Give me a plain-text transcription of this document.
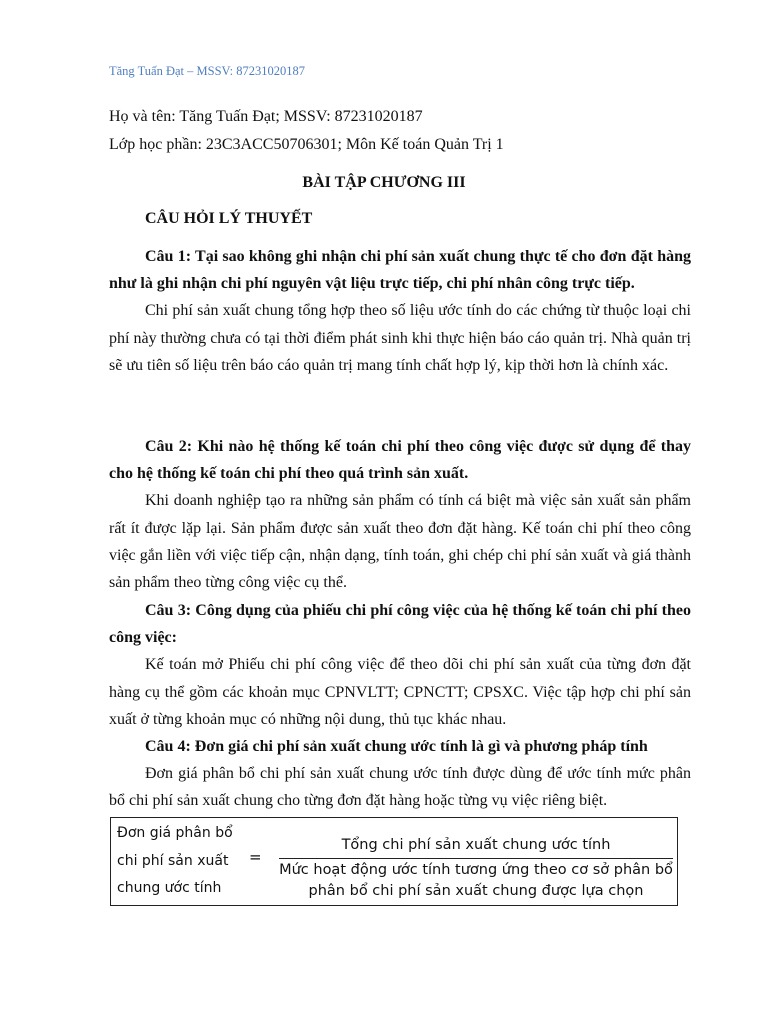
Tăng Tuấn Đạt – MSSV: 87231020187
Họ và tên: Tăng Tuấn Đạt; MSSV: 87231020187
Lớp học phần: 23C3ACC50706301; Môn Kế toán Quản Trị 1
BÀI TẬP CHƯƠNG III
CÂU HỎI LÝ THUYẾT

Câu 1: Tại sao không ghi nhận chi phí sản xuất chung thực tế cho đơn đặt hàng như là ghi nhận chi phí nguyên vật liệu trực tiếp, chi phí nhân công trực tiếp.

Chi phí sản xuất chung tổng hợp theo số liệu ước tính do các chứng từ thuộc loại chi phí này thường chưa có tại thời điểm phát sinh khi thực hiện báo cáo quản trị. Nhà quản trị sẽ ưu tiên số liệu trên báo cáo quản trị mang tính chất hợp lý, kịp thời hơn là chính xác.

Câu 2: Khi nào hệ thống kế toán chi phí theo công việc được sử dụng để thay cho hệ thống kế toán chi phí theo quá trình sản xuất.

Khi doanh nghiệp tạo ra những sản phẩm có tính cá biệt mà việc sản xuất sản phẩm rất ít được lặp lại. Sản phẩm được sản xuất theo đơn đặt hàng. Kế toán chi phí theo công việc gắn liền với việc tiếp cận, nhận dạng, tính toán, ghi chép chi phí sản xuất và giá thành sản phẩm theo từng công việc cụ thể.

Câu 3: Công dụng của phiếu chi phí công việc của hệ thống kế toán chi phí theo công việc:

Kế toán mở Phiếu chi phí công việc để theo dõi chi phí sản xuất của từng đơn đặt hàng cụ thể gồm các khoản mục CPNVLTT; CPNCTT; CPSXC. Việc tập hợp chi phí sản xuất ở từng khoản mục có những nội dung, thủ tục khác nhau.

Câu 4: Đơn giá chi phí sản xuất chung ước tính là gì và phương pháp tính

Đơn giá phân bổ chi phí sản xuất chung ước tính được dùng để ước tính mức phân bổ chi phí sản xuất chung cho từng đơn đặt hàng hoặc từng vụ việc riêng biệt.

Đơn giá phân bổ
chi phí sản xuất
chung ước tính
=
Tổng chi phí sản xuất chung ước tính
Mức hoạt động ước tính tương ứng theo cơ sở phân bổ
phân bổ chi phí sản xuất chung được lựa chọn
